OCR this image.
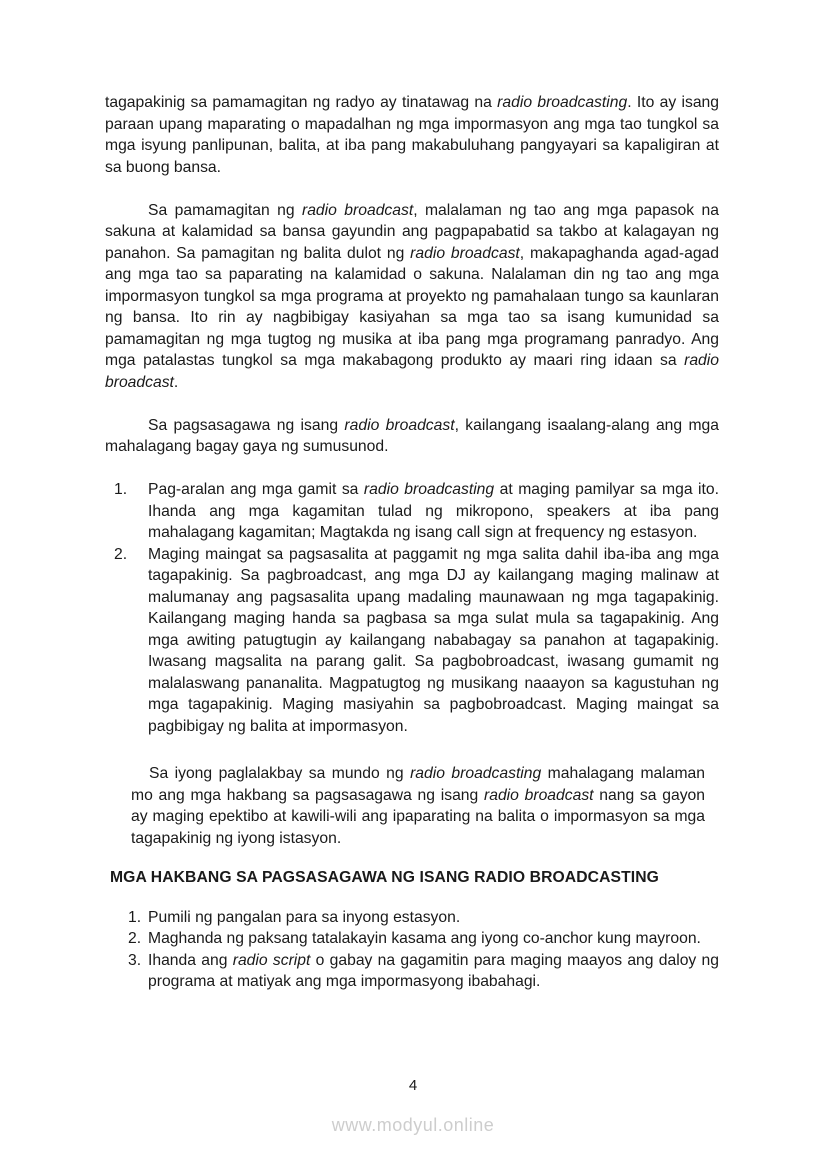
tagapakinig sa pamamagitan ng radyo ay tinatawag na radio broadcasting. Ito ay isang paraan upang maparating o mapadalhan ng mga impormasyon ang mga tao tungkol sa mga isyung panlipunan, balita, at iba pang makabuluhang pangyayari sa kapaligiran at sa buong bansa.

Sa pamamagitan ng radio broadcast, malalaman ng tao ang mga papasok na sakuna at kalamidad sa bansa gayundin ang pagpapabatid sa takbo at kalagayan ng panahon. Sa pamagitan ng balita dulot ng radio broadcast, makapaghanda agad-agad ang mga tao sa paparating na kalamidad o sakuna. Nalalaman din ng tao ang mga impormasyon tungkol sa mga programa at proyekto ng pamahalaan tungo sa kaunlaran ng bansa. Ito rin ay nagbibigay kasiyahan sa mga tao sa isang kumunidad sa pamamagitan ng mga tugtog ng musika at iba pang mga programang panradyo. Ang mga patalastas tungkol sa mga makabagong produkto ay maari ring idaan sa radio broadcast.

Sa pagsasagawa ng isang radio broadcast, kailangang isaalang-alang ang mga mahalagang bagay gaya ng sumusunod.

1.	Pag-aralan ang mga gamit sa radio broadcasting at maging pamilyar sa mga ito. Ihanda ang mga kagamitan tulad ng mikropono, speakers at iba pang mahalagang kagamitan; Magtakda ng isang call sign at frequency ng estasyon.
2.	Maging maingat sa pagsasalita at paggamit ng mga salita dahil iba-iba ang mga tagapakinig. Sa pagbroadcast, ang mga DJ ay kailangang maging malinaw at malumanay ang pagsasalita upang madaling maunawaan ng mga tagapakinig. Kailangang maging handa sa pagbasa sa mga sulat mula sa tagapakinig. Ang mga awiting patugtugin ay kailangang nababagay sa panahon at tagapakinig. Iwasang magsalita na parang galit. Sa pagbobroadcast, iwasang gumamit ng malalaswang pananalita. Magpatugtog ng musikang naaayon sa kagustuhan ng mga tagapakinig. Maging masiyahin sa pagbobroadcast. Maging maingat sa pagbibigay ng balita at impormasyon.

Sa iyong paglalakbay sa mundo ng radio broadcasting mahalagang malaman mo ang mga hakbang sa pagsasagawa ng isang radio broadcast nang sa gayon ay maging epektibo at kawili-wili ang ipaparating na balita o impormasyon sa mga tagapakinig ng iyong istasyon.

MGA HAKBANG SA PAGSASAGAWA NG ISANG RADIO BROADCASTING
1. Pumili ng pangalan para sa inyong estasyon.
2. Maghanda ng paksang tatalakayin kasama ang iyong co-anchor kung mayroon.
3. Ihanda ang radio script o gabay na gagamitin para maging maayos ang daloy ng programa at matiyak ang mga impormasyong ibabahagi.
4
www.modyul.online
